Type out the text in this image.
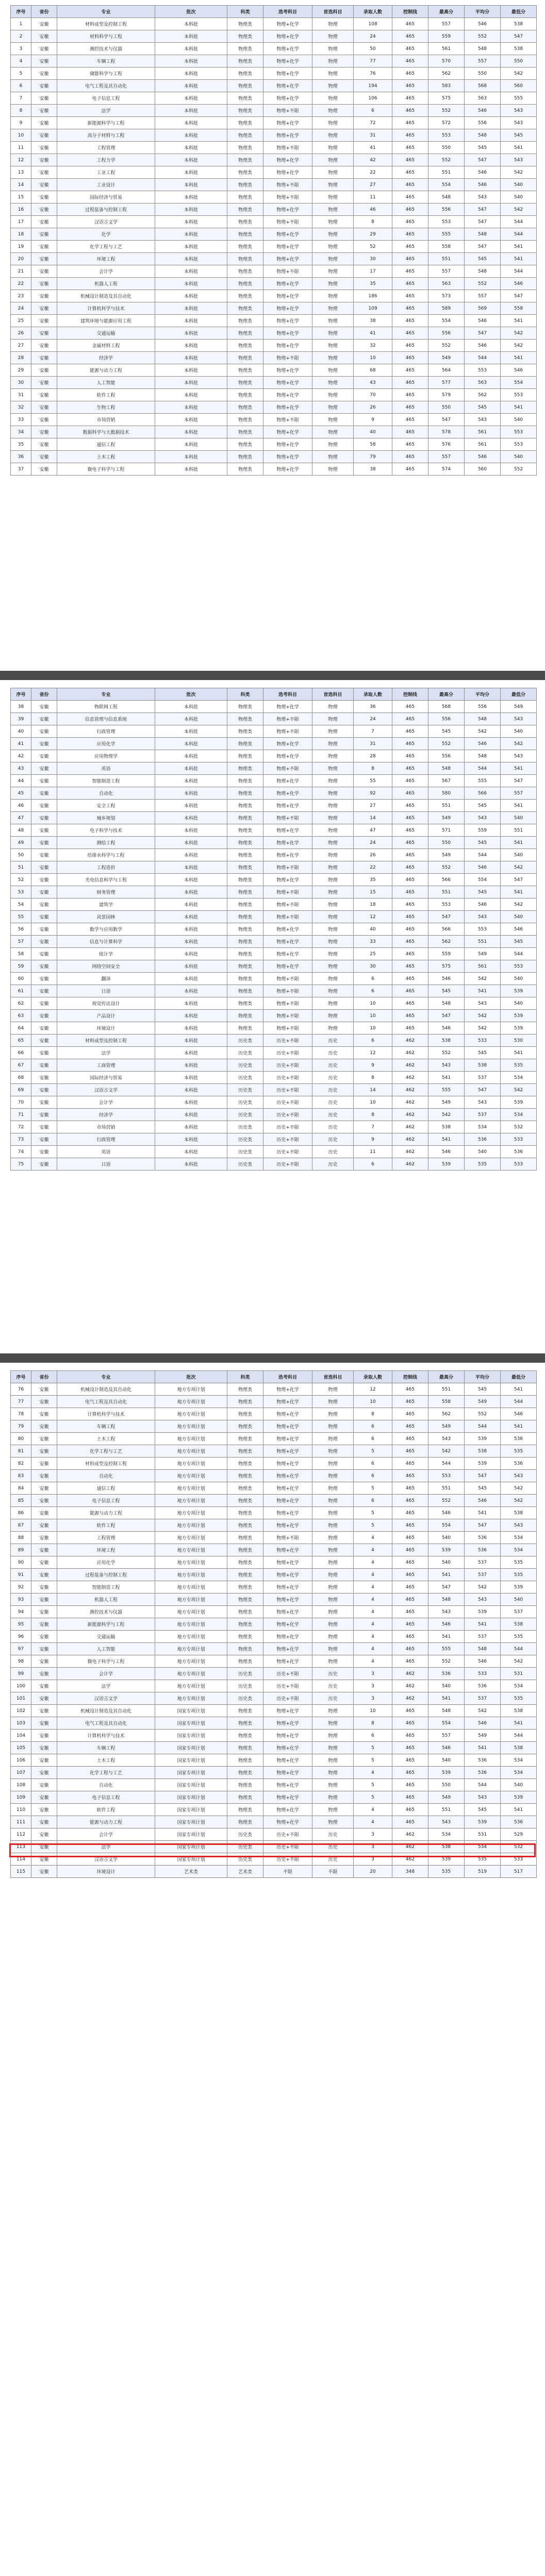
序号	省份	专业	批次	科类	选考科目	首选科目	录取人数	控制线	最高分	平均分	最低分
1	安徽	材料成型及控制工程	本科批	物理类	物理+化学	物理	108	465	557	546	538
2	安徽	材料科学与工程	本科批	物理类	物理+化学	物理	24	465	559	552	547
3	安徽	测控技术与仪器	本科批	物理类	物理+化学	物理	50	465	561	548	538
4	安徽	车辆工程	本科批	物理类	物理+化学	物理	77	465	570	557	550
5	安徽	储能科学与工程	本科批	物理类	物理+化学	物理	76	465	562	550	542
6	安徽	电气工程及其自动化	本科批	物理类	物理+化学	物理	194	465	583	568	560
7	安徽	电子信息工程	本科批	物理类	物理+化学	物理	106	465	575	563	555
8	安徽	法学	本科批	物理类	物理+不限	物理	6	465	552	546	543
9	安徽	新能源科学与工程	本科批	物理类	物理+化学	物理	72	465	572	556	543
10	安徽	高分子材料与工程	本科批	物理类	物理+化学	物理	31	465	553	548	545
11	安徽	工程管理	本科批	物理类	物理+不限	物理	41	465	550	545	541
12	安徽	工程力学	本科批	物理类	物理+化学	物理	42	465	552	547	543
13	安徽	工业工程	本科批	物理类	物理+化学	物理	22	465	551	546	542
14	安徽	工业设计	本科批	物理类	物理+不限	物理	27	465	554	546	540
15	安徽	国际经济与贸易	本科批	物理类	物理+不限	物理	11	465	548	543	540
16	安徽	过程装备与控制工程	本科批	物理类	物理+化学	物理	46	465	556	547	542
17	安徽	汉语言文学	本科批	物理类	物理+不限	物理	8	465	553	547	544
18	安徽	化学	本科批	物理类	物理+化学	物理	29	465	555	548	544
19	安徽	化学工程与工艺	本科批	物理类	物理+化学	物理	52	465	558	547	541
20	安徽	环境工程	本科批	物理类	物理+化学	物理	30	465	551	545	541
21	安徽	会计学	本科批	物理类	物理+不限	物理	17	465	557	548	544
22	安徽	机器人工程	本科批	物理类	物理+化学	物理	35	465	563	552	546
23	安徽	机械设计制造及其自动化	本科批	物理类	物理+化学	物理	186	465	573	557	547
24	安徽	计算机科学与技术	本科批	物理类	物理+化学	物理	109	465	589	569	558
25	安徽	建筑环境与能源应用工程	本科批	物理类	物理+化学	物理	38	465	554	546	541
26	安徽	交通运输	本科批	物理类	物理+化学	物理	41	465	556	547	542
27	安徽	金属材料工程	本科批	物理类	物理+化学	物理	32	465	552	546	542
28	安徽	经济学	本科批	物理类	物理+不限	物理	10	465	549	544	541
29	安徽	能源与动力工程	本科批	物理类	物理+化学	物理	68	465	564	553	546
30	安徽	人工智能	本科批	物理类	物理+化学	物理	43	465	577	563	554
31	安徽	软件工程	本科批	物理类	物理+化学	物理	70	465	579	562	553
32	安徽	生物工程	本科批	物理类	物理+化学	物理	26	465	550	545	541
33	安徽	市场营销	本科批	物理类	物理+不限	物理	9	465	547	543	540
34	安徽	数据科学与大数据技术	本科批	物理类	物理+化学	物理	40	465	578	561	553
35	安徽	通信工程	本科批	物理类	物理+化学	物理	58	465	576	561	553
36	安徽	土木工程	本科批	物理类	物理+化学	物理	79	465	557	546	540
37	安徽	微电子科学与工程	本科批	物理类	物理+化学	物理	38	465	574	560	552
序号	省份	专业	批次	科类	选考科目	首选科目	录取人数	控制线	最高分	平均分	最低分
38	安徽	物联网工程	本科批	物理类	物理+化学	物理	36	465	568	556	549
39	安徽	信息管理与信息系统	本科批	物理类	物理+不限	物理	24	465	556	548	543
40	安徽	行政管理	本科批	物理类	物理+不限	物理	7	465	545	542	540
41	安徽	应用化学	本科批	物理类	物理+化学	物理	31	465	552	546	542
42	安徽	应用物理学	本科批	物理类	物理+化学	物理	28	465	556	548	543
43	安徽	英语	本科批	物理类	物理+不限	物理	8	465	548	544	541
44	安徽	智能制造工程	本科批	物理类	物理+化学	物理	55	465	567	555	547
45	安徽	自动化	本科批	物理类	物理+化学	物理	92	465	580	566	557
46	安徽	安全工程	本科批	物理类	物理+化学	物理	27	465	551	545	541
47	安徽	城乡规划	本科批	物理类	物理+不限	物理	14	465	549	543	540
48	安徽	电子科学与技术	本科批	物理类	物理+化学	物理	47	465	571	559	551
49	安徽	测绘工程	本科批	物理类	物理+化学	物理	24	465	550	545	541
50	安徽	给排水科学与工程	本科批	物理类	物理+化学	物理	26	465	549	544	540
51	安徽	工程造价	本科批	物理类	物理+不限	物理	22	465	552	546	542
52	安徽	光电信息科学与工程	本科批	物理类	物理+化学	物理	35	465	566	554	547
53	安徽	财务管理	本科批	物理类	物理+不限	物理	15	465	551	545	541
54	安徽	建筑学	本科批	物理类	物理+不限	物理	18	465	553	546	542
55	安徽	风景园林	本科批	物理类	物理+不限	物理	12	465	547	543	540
56	安徽	数学与应用数学	本科批	物理类	物理+化学	物理	40	465	566	553	546
57	安徽	信息与计算科学	本科批	物理类	物理+化学	物理	33	465	562	551	545
58	安徽	统计学	本科批	物理类	物理+化学	物理	25	465	559	549	544
59	安徽	网络空间安全	本科批	物理类	物理+化学	物理	30	465	575	561	553
60	安徽	翻译	本科批	物理类	物理+不限	物理	6	465	546	542	540
61	安徽	日语	本科批	物理类	物理+不限	物理	6	465	545	541	539
62	安徽	视觉传达设计	本科批	物理类	物理+不限	物理	10	465	548	543	540
63	安徽	产品设计	本科批	物理类	物理+不限	物理	10	465	547	542	539
64	安徽	环境设计	本科批	物理类	物理+不限	物理	10	465	546	542	539
65	安徽	材料成型及控制工程	本科批	历史类	历史+不限	历史	6	462	538	533	530
66	安徽	法学	本科批	历史类	历史+不限	历史	12	462	552	545	541
67	安徽	工商管理	本科批	历史类	历史+不限	历史	9	462	543	538	535
68	安徽	国际经济与贸易	本科批	历史类	历史+不限	历史	8	462	541	537	534
69	安徽	汉语言文学	本科批	历史类	历史+不限	历史	14	462	555	547	542
70	安徽	会计学	本科批	历史类	历史+不限	历史	10	462	549	543	539
71	安徽	经济学	本科批	历史类	历史+不限	历史	8	462	542	537	534
72	安徽	市场营销	本科批	历史类	历史+不限	历史	7	462	538	534	532
73	安徽	行政管理	本科批	历史类	历史+不限	历史	9	462	541	536	533
74	安徽	英语	本科批	历史类	历史+不限	历史	11	462	546	540	536
75	安徽	日语	本科批	历史类	历史+不限	历史	6	462	539	535	533
序号	省份	专业	批次	科类	选考科目	首选科目	录取人数	控制线	最高分	平均分	最低分
76	安徽	机械设计制造及其自动化	地方专项计划	物理类	物理+化学	物理	12	465	551	545	541
77	安徽	电气工程及其自动化	地方专项计划	物理类	物理+化学	物理	10	465	558	549	544
78	安徽	计算机科学与技术	地方专项计划	物理类	物理+化学	物理	8	465	562	552	546
79	安徽	车辆工程	地方专项计划	物理类	物理+化学	物理	6	465	549	544	541
80	安徽	土木工程	地方专项计划	物理类	物理+化学	物理	6	465	543	539	536
81	安徽	化学工程与工艺	地方专项计划	物理类	物理+化学	物理	5	465	542	538	535
82	安徽	材料成型及控制工程	地方专项计划	物理类	物理+化学	物理	6	465	544	539	536
83	安徽	自动化	地方专项计划	物理类	物理+化学	物理	6	465	553	547	543
84	安徽	通信工程	地方专项计划	物理类	物理+化学	物理	5	465	551	545	542
85	安徽	电子信息工程	地方专项计划	物理类	物理+化学	物理	6	465	552	546	542
86	安徽	能源与动力工程	地方专项计划	物理类	物理+化学	物理	5	465	546	541	538
87	安徽	软件工程	地方专项计划	物理类	物理+化学	物理	5	465	554	547	543
88	安徽	工程管理	地方专项计划	物理类	物理+不限	物理	4	465	540	536	534
89	安徽	环境工程	地方专项计划	物理类	物理+化学	物理	4	465	539	536	534
90	安徽	应用化学	地方专项计划	物理类	物理+化学	物理	4	465	540	537	535
91	安徽	过程装备与控制工程	地方专项计划	物理类	物理+化学	物理	4	465	541	537	535
92	安徽	智能制造工程	地方专项计划	物理类	物理+化学	物理	4	465	547	542	539
93	安徽	机器人工程	地方专项计划	物理类	物理+化学	物理	4	465	548	543	540
94	安徽	测控技术与仪器	地方专项计划	物理类	物理+化学	物理	4	465	543	539	537
95	安徽	新能源科学与工程	地方专项计划	物理类	物理+化学	物理	4	465	546	541	538
96	安徽	交通运输	地方专项计划	物理类	物理+化学	物理	4	465	541	537	535
97	安徽	人工智能	地方专项计划	物理类	物理+化学	物理	4	465	555	548	544
98	安徽	微电子科学与工程	地方专项计划	物理类	物理+化学	物理	4	465	552	546	542
99	安徽	会计学	地方专项计划	历史类	历史+不限	历史	3	462	536	533	531
100	安徽	法学	地方专项计划	历史类	历史+不限	历史	3	462	540	536	534
101	安徽	汉语言文学	地方专项计划	历史类	历史+不限	历史	3	462	541	537	535
102	安徽	机械设计制造及其自动化	国家专项计划	物理类	物理+化学	物理	10	465	548	542	538
103	安徽	电气工程及其自动化	国家专项计划	物理类	物理+化学	物理	8	465	554	546	541
104	安徽	计算机科学与技术	国家专项计划	物理类	物理+化学	物理	6	465	557	549	544
105	安徽	车辆工程	国家专项计划	物理类	物理+化学	物理	5	465	546	541	538
106	安徽	土木工程	国家专项计划	物理类	物理+化学	物理	5	465	540	536	534
107	安徽	化学工程与工艺	国家专项计划	物理类	物理+化学	物理	4	465	539	536	534
108	安徽	自动化	国家专项计划	物理类	物理+化学	物理	5	465	550	544	540
109	安徽	电子信息工程	国家专项计划	物理类	物理+化学	物理	5	465	549	543	539
110	安徽	软件工程	国家专项计划	物理类	物理+化学	物理	4	465	551	545	541
111	安徽	能源与动力工程	国家专项计划	物理类	物理+化学	物理	4	465	543	539	536
112	安徽	会计学	国家专项计划	历史类	历史+不限	历史	3	462	534	531	529
113	安徽	法学	国家专项计划	历史类	历史+不限	历史	3	462	538	534	532
114	安徽	汉语言文学	国家专项计划	历史类	历史+不限	历史	3	462	539	535	533
115	安徽	环境设计	艺术类	艺术类	不限	不限	20	348	535	519	517
